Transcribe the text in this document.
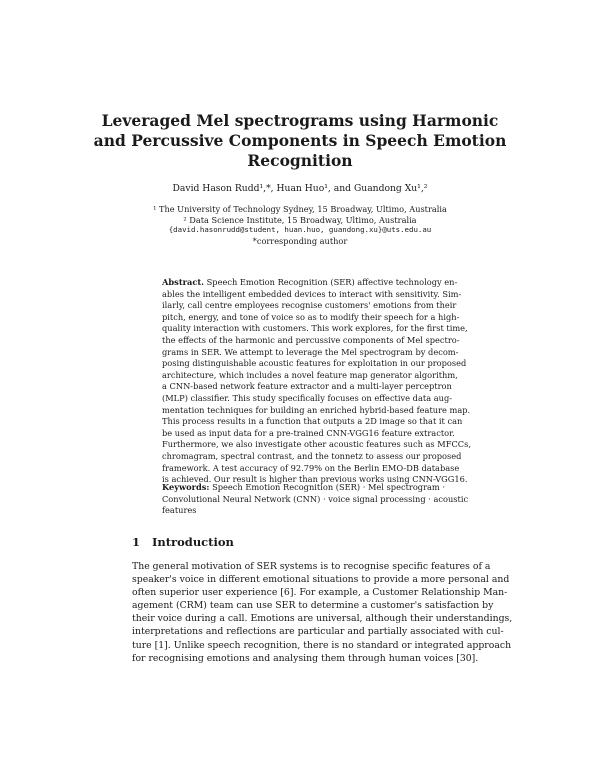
Leveraged Mel spectrograms using Harmonic
and Percussive Components in Speech Emotion
Recognition
David Hason Rudd¹,*, Huan Huo¹, and Guandong Xu¹,²
¹ The University of Technology Sydney, 15 Broadway, Ultimo, Australia
² Data Science Institute, 15 Broadway, Ultimo, Australia
{david.hasonrudd@student, huan.huo, guandong.xu}@uts.edu.au
*corresponding author
Abstract. Speech Emotion Recognition (SER) affective technology en-
ables the intelligent embedded devices to interact with sensitivity. Sim-
ilarly, call centre employees recognise customers' emotions from their
pitch, energy, and tone of voice so as to modify their speech for a high-
quality interaction with customers. This work explores, for the first time,
the effects of the harmonic and percussive components of Mel spectro-
grams in SER. We attempt to leverage the Mel spectrogram by decom-
posing distinguishable acoustic features for exploitation in our proposed
architecture, which includes a novel feature map generator algorithm,
a CNN-based network feature extractor and a multi-layer perceptron
(MLP) classifier. This study specifically focuses on effective data aug-
mentation techniques for building an enriched hybrid-based feature map.
This process results in a function that outputs a 2D image so that it can
be used as input data for a pre-trained CNN-VGG16 feature extractor.
Furthermore, we also investigate other acoustic features such as MFCCs,
chromagram, spectral contrast, and the tonnetz to assess our proposed
framework. A test accuracy of 92.79% on the Berlin EMO-DB database
is achieved. Our result is higher than previous works using CNN-VGG16.
Keywords: Speech Emotion Recognition (SER) · Mel spectrogram ·
Convolutional Neural Network (CNN) · voice signal processing · acoustic
features
1 Introduction
The general motivation of SER systems is to recognise specific features of a
speaker's voice in different emotional situations to provide a more personal and
often superior user experience [6]. For example, a Customer Relationship Man-
agement (CRM) team can use SER to determine a customer's satisfaction by
their voice during a call. Emotions are universal, although their understandings,
interpretations and reflections are particular and partially associated with cul-
ture [1]. Unlike speech recognition, there is no standard or integrated approach
for recognising emotions and analysing them through human voices [30].
